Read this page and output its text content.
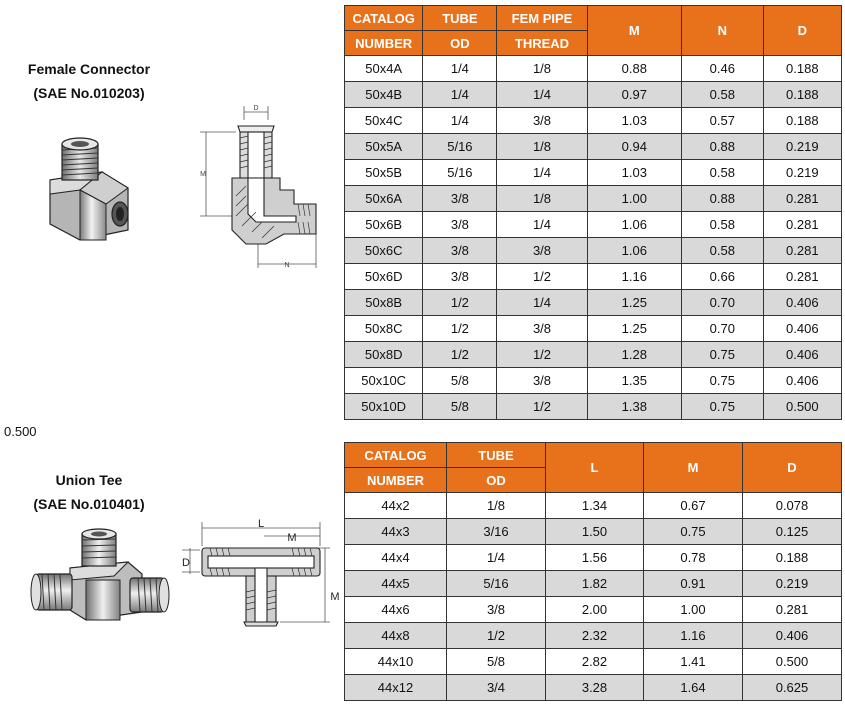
Female Connector
(SAE No.010203)
D
M
N
CATALOG	TUBE	FEM PIPE	M	N	D
NUMBER	OD	THREAD			
50x4A	1/4	1/8	0.88	0.46	0.188
50x4B	1/4	1/4	0.97	0.58	0.188
50x4C	1/4	3/8	1.03	0.57	0.188
50x5A	5/16	1/8	0.94	0.88	0.219
50x5B	5/16	1/4	1.03	0.58	0.219
50x6A	3/8	1/8	1.00	0.88	0.281
50x6B	3/8	1/4	1.06	0.58	0.281
50x6C	3/8	3/8	1.06	0.58	0.281
50x6D	3/8	1/2	1.16	0.66	0.281
50x8B	1/2	1/4	1.25	0.70	0.406
50x8C	1/2	3/8	1.25	0.70	0.406
50x8D	1/2	1/2	1.28	0.75	0.406
50x10C	5/8	3/8	1.35	0.75	0.406
50x10D	5/8	1/2	1.38	0.75	0.500
0.500
Union Tee
(SAE No.010401)
L
M
D
M
CATALOG	TUBE	L	M	D
NUMBER	OD			
44x2	1/8	1.34	0.67	0.078
44x3	3/16	1.50	0.75	0.125
44x4	1/4	1.56	0.78	0.188
44x5	5/16	1.82	0.91	0.219
44x6	3/8	2.00	1.00	0.281
44x8	1/2	2.32	1.16	0.406
44x10	5/8	2.82	1.41	0.500
44x12	3/4	3.28	1.64	0.625
